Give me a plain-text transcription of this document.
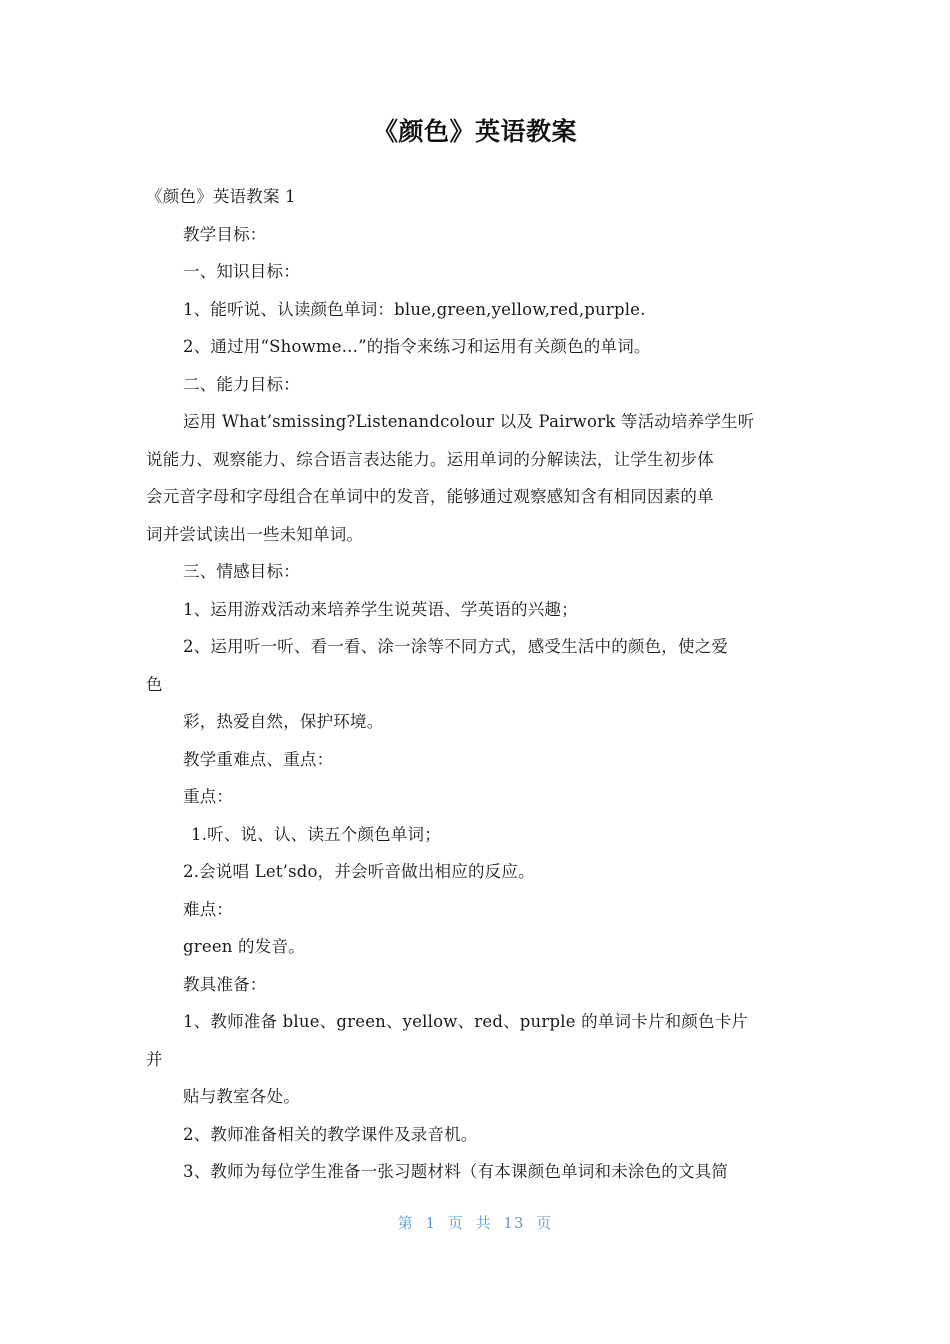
《颜色》英语教案
《颜色》英语教案 1
教学目标：
一、知识目标：
1、能听说、认读颜色单词：blue,green,yellow,red,purple.
2、通过用“Showme...”的指令来练习和运用有关颜色的单词。
二、能力目标：
运用 What’smissing?Listenandcolour 以及 Pairwork 等活动培养学生听
说能力、观察能力、综合语言表达能力。运用单词的分解读法，让学生初步体
会元音字母和字母组合在单词中的发音，能够通过观察感知含有相同因素的单
词并尝试读出一些未知单词。
三、情感目标：
1、运用游戏活动来培养学生说英语、学英语的兴趣；
2、运用听一听、看一看、涂一涂等不同方式，感受生活中的颜色，使之爱
色
彩，热爱自然，保护环境。
教学重难点、重点：
重点：
1.听、说、认、读五个颜色单词；
2.会说唱 Let’sdo，并会听音做出相应的反应。
难点：
green 的发音。
教具准备：
1、教师准备 blue、green、yellow、red、purple 的单词卡片和颜色卡片
并
贴与教室各处。
2、教师准备相关的教学课件及录音机。
3、教师为每位学生准备一张习题材料（有本课颜色单词和未涂色的文具简
第 1 页 共 13 页
